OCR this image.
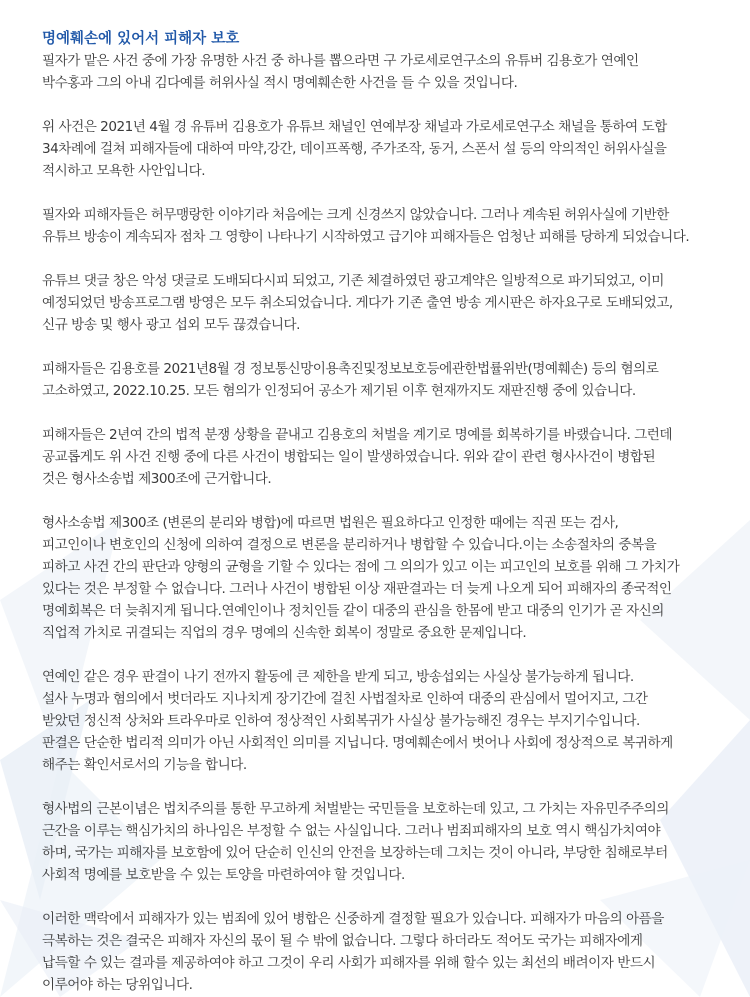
명예훼손에 있어서 피해자 보호

필자가 맡은 사건 중에 가장 유명한 사건 중 하나를 뽑으라면 구 가로세로연구소의 유튜버 김용호가 연예인
박수홍과 그의 아내 김다예를 허위사실 적시 명예훼손한 사건을 들 수 있을 것입니다.

위 사건은 2021년 4월 경 유튜버 김용호가 유튜브 채널인 연예부장 채널과 가로세로연구소 채널을 통하여 도합
34차례에 걸쳐 피해자들에 대하여 마약,강간, 데이프폭행, 주가조작, 동거, 스폰서 설 등의 악의적인 허위사실을
적시하고 모욕한 사안입니다.

필자와 피해자들은 허무맹랑한 이야기라 처음에는 크게 신경쓰지 않았습니다. 그러나 계속된 허위사실에 기반한
유튜브 방송이 계속되자 점차 그 영향이 나타나기 시작하였고 급기야 피해자들은 엄청난 피해를 당하게 되었습니다.

유튜브 댓글 창은 악성 댓글로 도배되다시피 되었고, 기존 체결하였던 광고계약은 일방적으로 파기되었고, 이미
예정되었던 방송프로그램 방영은 모두 취소되었습니다. 게다가 기존 출연 방송 게시판은 하자요구로 도배되었고,
신규 방송 및 행사 광고 섭외 모두 끊겼습니다.

피해자들은 김용호를 2021년8월 경 정보통신망이용촉진및정보보호등에관한법률위반(명예훼손) 등의 혐의로
고소하였고, 2022.10.25. 모든 혐의가 인정되어 공소가 제기된 이후 현재까지도 재판진행 중에 있습니다.

피해자들은 2년여 간의 법적 분쟁 상황을 끝내고 김용호의 처벌을 계기로 명예를 회복하기를 바랬습니다. 그런데
공교롭게도 위 사건 진행 중에 다른 사건이 병합되는 일이 발생하였습니다. 위와 같이 관련 형사사건이 병합된
것은 형사소송법 제300조에 근거합니다.

형사소송법 제300조 (변론의 분리와 병합)에 따르면 법원은 필요하다고 인정한 때에는 직권 또는 검사,
피고인이나 변호인의 신청에 의하여 결정으로 변론을 분리하거나 병합할 수 있습니다.이는 소송절차의 중복을
피하고 사건 간의 판단과 양형의 균형을 기할 수 있다는 점에 그 의의가 있고 이는 피고인의 보호를 위해 그 가치가
있다는 것은 부정할 수 없습니다. 그러나 사건이 병합된 이상 재판결과는 더 늦게 나오게 되어 피해자의 종국적인
명예회복은 더 늦춰지게 됩니다.연예인이나 정치인들 같이 대중의 관심을 한몸에 받고 대중의 인기가 곧 자신의
직업적 가치로 귀결되는 직업의 경우 명예의 신속한 회복이 정말로 중요한 문제입니다.

연예인 같은 경우 판결이 나기 전까지 활동에 큰 제한을 받게 되고, 방송섭외는 사실상 불가능하게 됩니다.
설사 누명과 혐의에서 벗더라도 지나치게 장기간에 걸친 사법절차로 인하여 대중의 관심에서 멀어지고, 그간
받았던 정신적 상처와 트라우마로 인하여 정상적인 사회복귀가 사실상 불가능해진 경우는 부지기수입니다.
판결은 단순한 법리적 의미가 아닌 사회적인 의미를 지닙니다. 명예훼손에서 벗어나 사회에 정상적으로 복귀하게
해주는 확인서로서의 기능을 합니다.

형사법의 근본이념은 법치주의를 통한 무고하게 처벌받는 국민들을 보호하는데 있고, 그 가치는 자유민주주의의
근간을 이루는 핵심가치의 하나임은 부정할 수 없는 사실입니다. 그러나 범죄피해자의 보호 역시 핵심가치여야
하며, 국가는 피해자를 보호함에 있어 단순히 인신의 안전을 보장하는데 그치는 것이 아니라, 부당한 침해로부터
사회적 명예를 보호받을 수 있는 토양을 마련하여야 할 것입니다.

이러한 맥락에서 피해자가 있는 범죄에 있어 병합은 신중하게 결정할 필요가 있습니다. 피해자가 마음의 아픔을
극복하는 것은 결국은 피해자 자신의 몫이 될 수 밖에 없습니다. 그렇다 하더라도 적어도 국가는 피해자에게
납득할 수 있는 결과를 제공하여야 하고 그것이 우리 사회가 피해자를 위해 할수 있는 최선의 배려이자 반드시
이루어야 하는 당위입니다.
